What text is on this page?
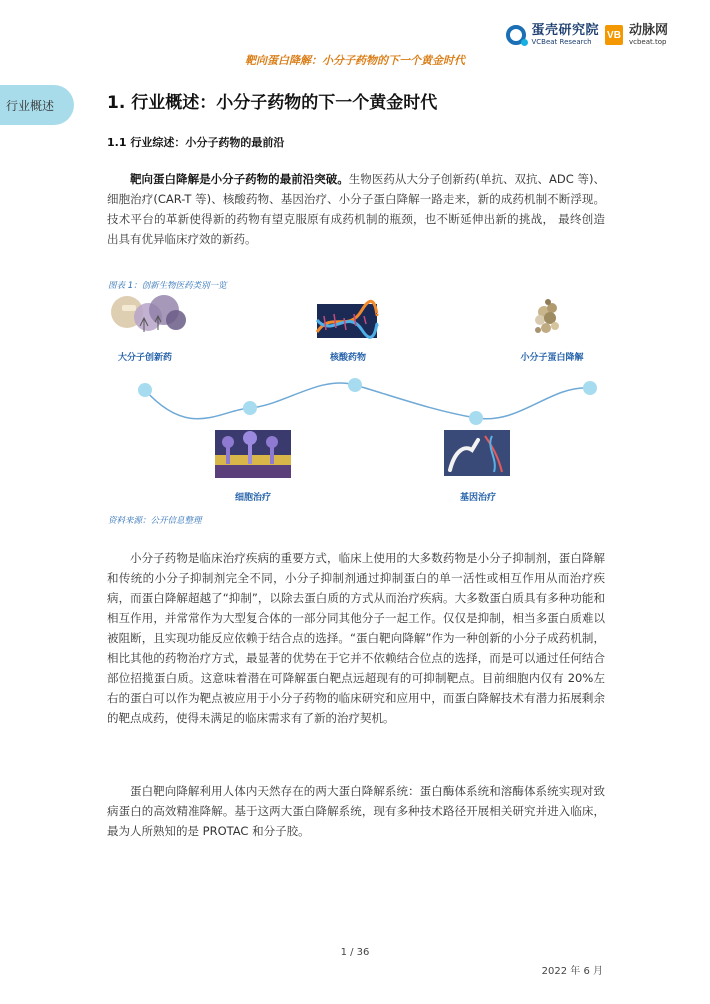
蛋壳研究院
VCBeat Research
VB 动脉网
vcbeat.top
靶向蛋白降解：小分子药物的下一个黄金时代
行业概述	1. 行业概述：小分子药物的下一个黄金时代
1.1 行业综述：小分子药物的最前沿
靶向蛋白降解是小分子药物的最前沿突破。生物医药从大分子创新药(单抗、双抗、ADC 等)、细胞治疗(CAR-T 等)、核酸药物、基因治疗、小分子蛋白降解一路走来，新的成药机制不断浮现。技术平台的革新使得新的药物有望克服原有成药机制的瓶颈，也不断延伸出新的挑战， 最终创造出具有优异临床疗效的新药。
图表 1：创新生物医药类别一览
大分子创新药	核酸药物	小分子蛋白降解
细胞治疗	基因治疗
资料来源：公开信息整理
小分子药物是临床治疗疾病的重要方式，临床上使用的大多数药物是小分子抑制剂，蛋白降解和传统的小分子抑制剂完全不同，小分子抑制剂通过抑制蛋白的单一活性或相互作用从而治疗疾病，而蛋白降解超越了“抑制”，以除去蛋白质的方式从而治疗疾病。大多数蛋白质具有多种功能和相互作用，并常常作为大型复合体的一部分同其他分子一起工作。仅仅是抑制，相当多蛋白质难以被阻断，且实现功能反应依赖于结合点的选择。“蛋白靶向降解”作为一种创新的小分子成药机制，相比其他的药物治疗方式，最显著的优势在于它并不依赖结合位点的选择，而是可以通过任何结合部位招揽蛋白质。这意味着潜在可降解蛋白靶点远超现有的可抑制靶点。目前细胞内仅有 20%左右的蛋白可以作为靶点被应用于小分子药物的临床研究和应用中，而蛋白降解技术有潜力拓展剩余的靶点成药，使得未满足的临床需求有了新的治疗契机。
蛋白靶向降解利用人体内天然存在的两大蛋白降解系统：蛋白酶体系统和溶酶体系统实现对致病蛋白的高效精准降解。基于这两大蛋白降解系统，现有多种技术路径开展相关研究并进入临床，最为人所熟知的是 PROTAC 和分子胶。
1 / 36
2022 年 6 月
